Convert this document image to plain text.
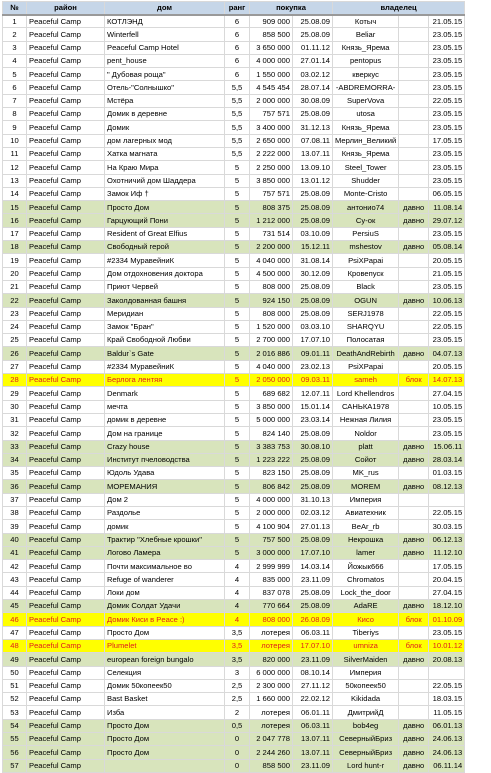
№	район	дом	ранг	покупка		владелец		
1	Peaceful Camp	КОТЛЭНД	6	909 000	25.08.09	Котыч		21.05.15
2	Peaceful Camp	Winterfell	6	858 500	25.08.09	Beliar		23.05.15
3	Peaceful Camp	Peaceful Camp Hotel	6	3 650 000	01.11.12	Князь_Ярема		23.05.15
4	Peaceful Camp	pent_house	6	4 000 000	27.01.14	pentopus		23.05.15
5	Peaceful Camp	" Дубовая роща"	6	1 550 000	03.02.12	кверкус		23.05.15
6	Peaceful Camp	Отель-"Солнышко"	5,5	4 545 454	28.07.14	-ABDREMORRA-		23.05.15
7	Peaceful Camp	Мстёра	5,5	2 000 000	30.08.09	SuperVova		22.05.15
8	Peaceful Camp	Домик в деревне	5,5	757 571	25.08.09	utosa		23.05.15
9	Peaceful Camp	Домик	5,5	3 400 000	31.12.13	Князь_Ярема		23.05.15
10	Peaceful Camp	дом лагерных мод	5,5	2 650 000	07.08.11	Мерлин_Великий		17.05.15
11	Peaceful Camp	Хатка магната	5,5	2 222 000	13.07.11	Князь_Ярема		23.05.15
12	Peaceful Camp	На Краю Мира	5	2 250 000	13.09.10	Steel_Tower		23.05.15
13	Peaceful Camp	Охотничий дом Шаддера	5	3 850 000	13.01.12	Shudder		23.05.15
14	Peaceful Camp	Замок Иф †	5	757 571	25.08.09	Monte-Cristo		06.05.15
15	Peaceful Camp	Просто Дом	5	808 375	25.08.09	антонио74	давно	11.08.14
16	Peaceful Camp	Гарцующий Пони	5	1 212 000	25.08.09	Cy-ок	давно	29.07.12
17	Peaceful Camp	Resident of Great Elfius	5	731 514	03.10.09	PersiuS		23.05.15
18	Peaceful Camp	Свободный герой	5	2 200 000	15.12.11	mshestov	давно	05.08.14
19	Peaceful Camp	#2334 МуравейниК	5	4 040 000	31.08.14	PsiXPapai		20.05.15
20	Peaceful Camp	Дом отдохновения доктора	5	4 500 000	30.12.09	Кровепуск		21.05.15
21	Peaceful Camp	Приют Червей	5	808 000	25.08.09	Black		23.05.15
22	Peaceful Camp	Заколдованная башня	5	924 150	25.08.09	OGUN	давно	10.06.13
23	Peaceful Camp	Меридиан	5	808 000	25.08.09	SERJ1978		22.05.15
24	Peaceful Camp	Замок "Бран"	5	1 520 000	03.03.10	SHARQYU		22.05.15
25	Peaceful Camp	Край Свободной Любви	5	2 700 000	17.07.10	Полосатая		23.05.15
26	Peaceful Camp	Baldur`s Gate	5	2 016 886	09.01.11	DeathAndRebirth	давно	04.07.13
27	Peaceful Camp	#2334 МуравейниК	5	4 040 000	23.02.13	PsiXPapai		20.05.15
28	Peaceful Camp	Берлога лентяя	5	2 050 000	09.03.11	sameh	блок	14.07.13
29	Peaceful Camp	Denmark	5	689 682	12.07.11	Lord Khellendros		27.04.15
30	Peaceful Camp	мечта	5	3 850 000	15.01.14	САНЬКА1978		10.05.15
31	Peaceful Camp	домик в деревне	5	5 000 000	23.03.14	Нежная Лилия		23.05.15
32	Peaceful Camp	Дом на границе	5	824 140	25.08.09	Noldor		23.05.15
33	Peaceful Camp	Crazy house	5	3 383 753	30.08.10	platt	давно	15.06.11
34	Peaceful Camp	Институт пчеловодства	5	1 223 222	25.08.09	Сойот	давно	28.03.14
35	Peaceful Camp	Юдоль Удава	5	823 150	25.08.09	MK_rus		01.03.15
36	Peaceful Camp	МОРЕМАНИЯ	5	806 842	25.08.09	MOREM	давно	08.12.13
37	Peaceful Camp	Дом 2	5	4 000 000	31.10.13	Империя		
38	Peaceful Camp	Раздолье	5	2 000 000	02.03.12	Авиатехник		22.05.15
39	Peaceful Camp	домик	5	4 100 904	27.01.13	BeAr_rb		30.03.15
40	Peaceful Camp	Трактир "Хлебные крошки"	5	757 500	25.08.09	Некрошка	давно	06.12.13
41	Peaceful Camp	Логово Ламера	5	3 000 000	17.07.10	lamer	давно	11.12.10
42	Peaceful Camp	Почти максимальное во	4	2 999 999	14.03.14	Йожык666		17.05.15
43	Peaceful Camp	Refuge of wanderer	4	835 000	23.11.09	Chromatos		20.04.15
44	Peaceful Camp	Локи дом	4	837 078	25.08.09	Lock_the_door		27.04.15
45	Peaceful Camp	Домик Солдат Удачи	4	770 664	25.08.09	AdaRE	давно	18.12.10
46	Peaceful Camp	Домик Киси в Peace :)	4	808 000	26.08.09	Кисо	блок	01.10.09
47	Peaceful Camp	Просто Дом	3,5	лотерея	06.03.11	Tiberiys		23.05.15
48	Peaceful Camp	Plumelet	3,5	лотерея	17.07.10	umniza	блок	10.01.12
49	Peaceful Camp	european foreign bungalo	3,5	820 000	23.11.09	SilverMaiden	давно	20.08.13
50	Peaceful Camp	Селекция	3	6 000 000	08.10.14	Империя		
51	Peaceful Camp	Домик 50копеек50	2,5	2 300 000	27.11.12	50копеек50		22.05.15
52	Peaceful Camp	Bast Basket	2,5	1 660 000	22.02.12	Kikidada		18.03.15
53	Peaceful Camp	Изба	2	лотерея	06.01.11	ДмитрийД		11.05.15
54	Peaceful Camp	Просто Дом	0,5	лотерея	06.03.11	bob4eg	давно	06.01.13
55	Peaceful Camp	Просто Дом	0	2 047 778	13.07.11	СеверныйБриз	давно	24.06.13
56	Peaceful Camp	Просто Дом	0	2 244 260	13.07.11	СеверныйБриз	давно	24.06.13
57	Peaceful Camp		0	858 500	23.11.09	Lord hunt-r	давно	06.11.14
